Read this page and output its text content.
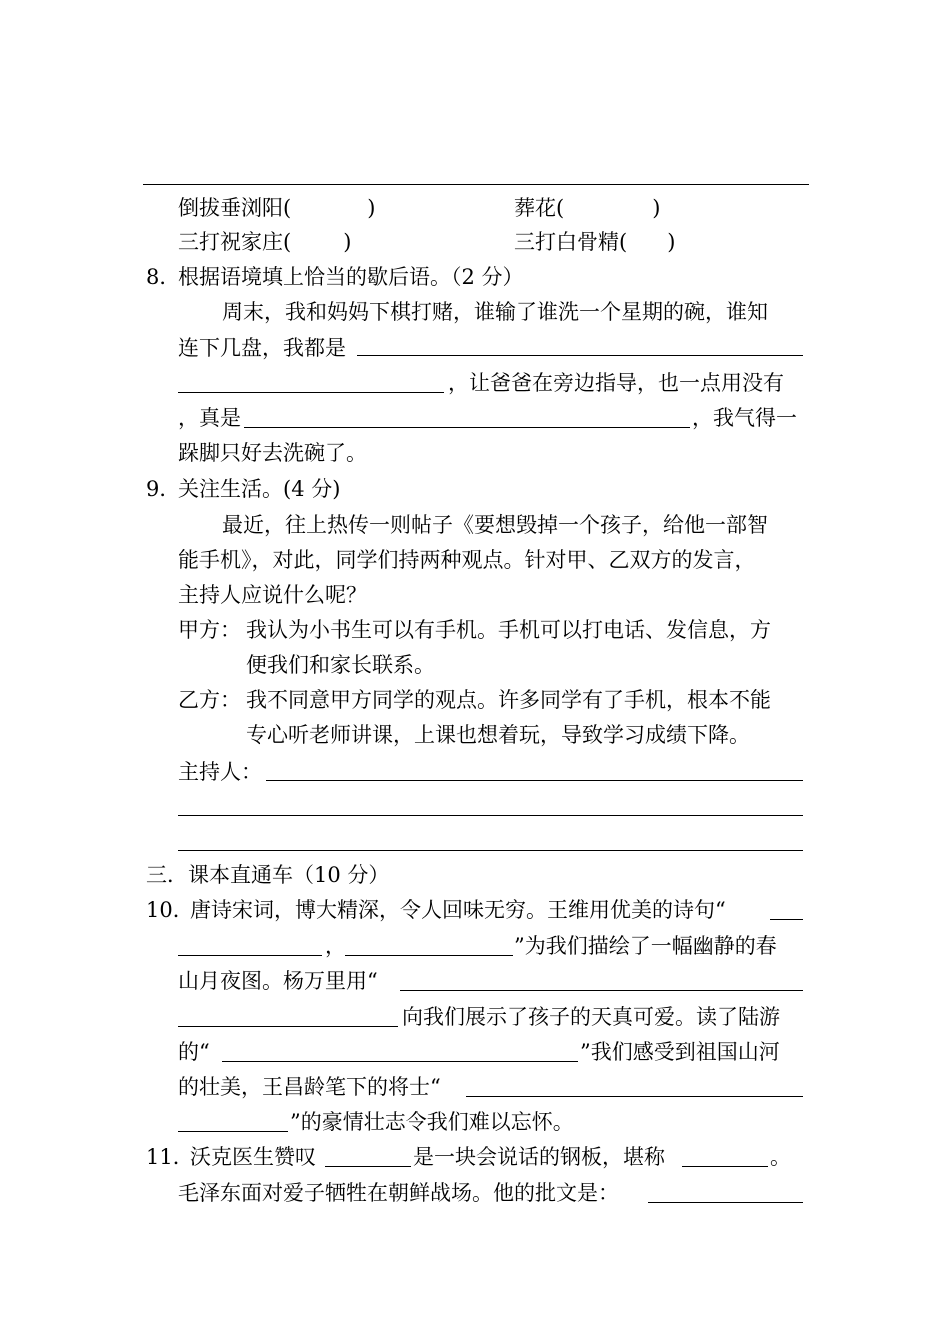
倒拔垂浏阳(	)	葬花(	)
三打祝家庄( )	三打白骨精( )
8．
根据语境填上恰当的歇后语。（2 分）
周末，我和妈妈下棋打赌，谁输了谁洗一个星期的碗，谁知
连下几盘，我都是
，让爸爸在旁边指导，也一点用没有
，真是	，我气得一
跺脚只好去洗碗了。
9．
关注生活。(4 分)
最近，往上热传一则帖子《要想毁掉一个孩子，给他一部智
能手机》，对此，同学们持两种观点。针对甲、乙双方的发言，
主持人应说什么呢？
甲方： 我认为小书生可以有手机。手机可以打电话、发信息，方
便我们和家长联系。
乙方： 我不同意甲方同学的观点。许多同学有了手机，根本不能
专心听老师讲课，上课也想着玩，导致学习成绩下降。
主持人：
三．课本直通车（10 分）
10．
唐诗宋词，博大精深，令人回味无穷。王维用优美的诗句“
，	”为我们描绘了一幅幽静的春
山月夜图。杨万里用“
向我们展示了孩子的天真可爱。读了陆游
的“	”我们感受到祖国山河
的壮美，王昌龄笔下的将士“
”的豪情壮志令我们难以忘怀。
11．
沃克医生赞叹	是一块会说话的钢板，堪称	。
毛泽东面对爱子牺牲在朝鲜战场。他的批文是：
